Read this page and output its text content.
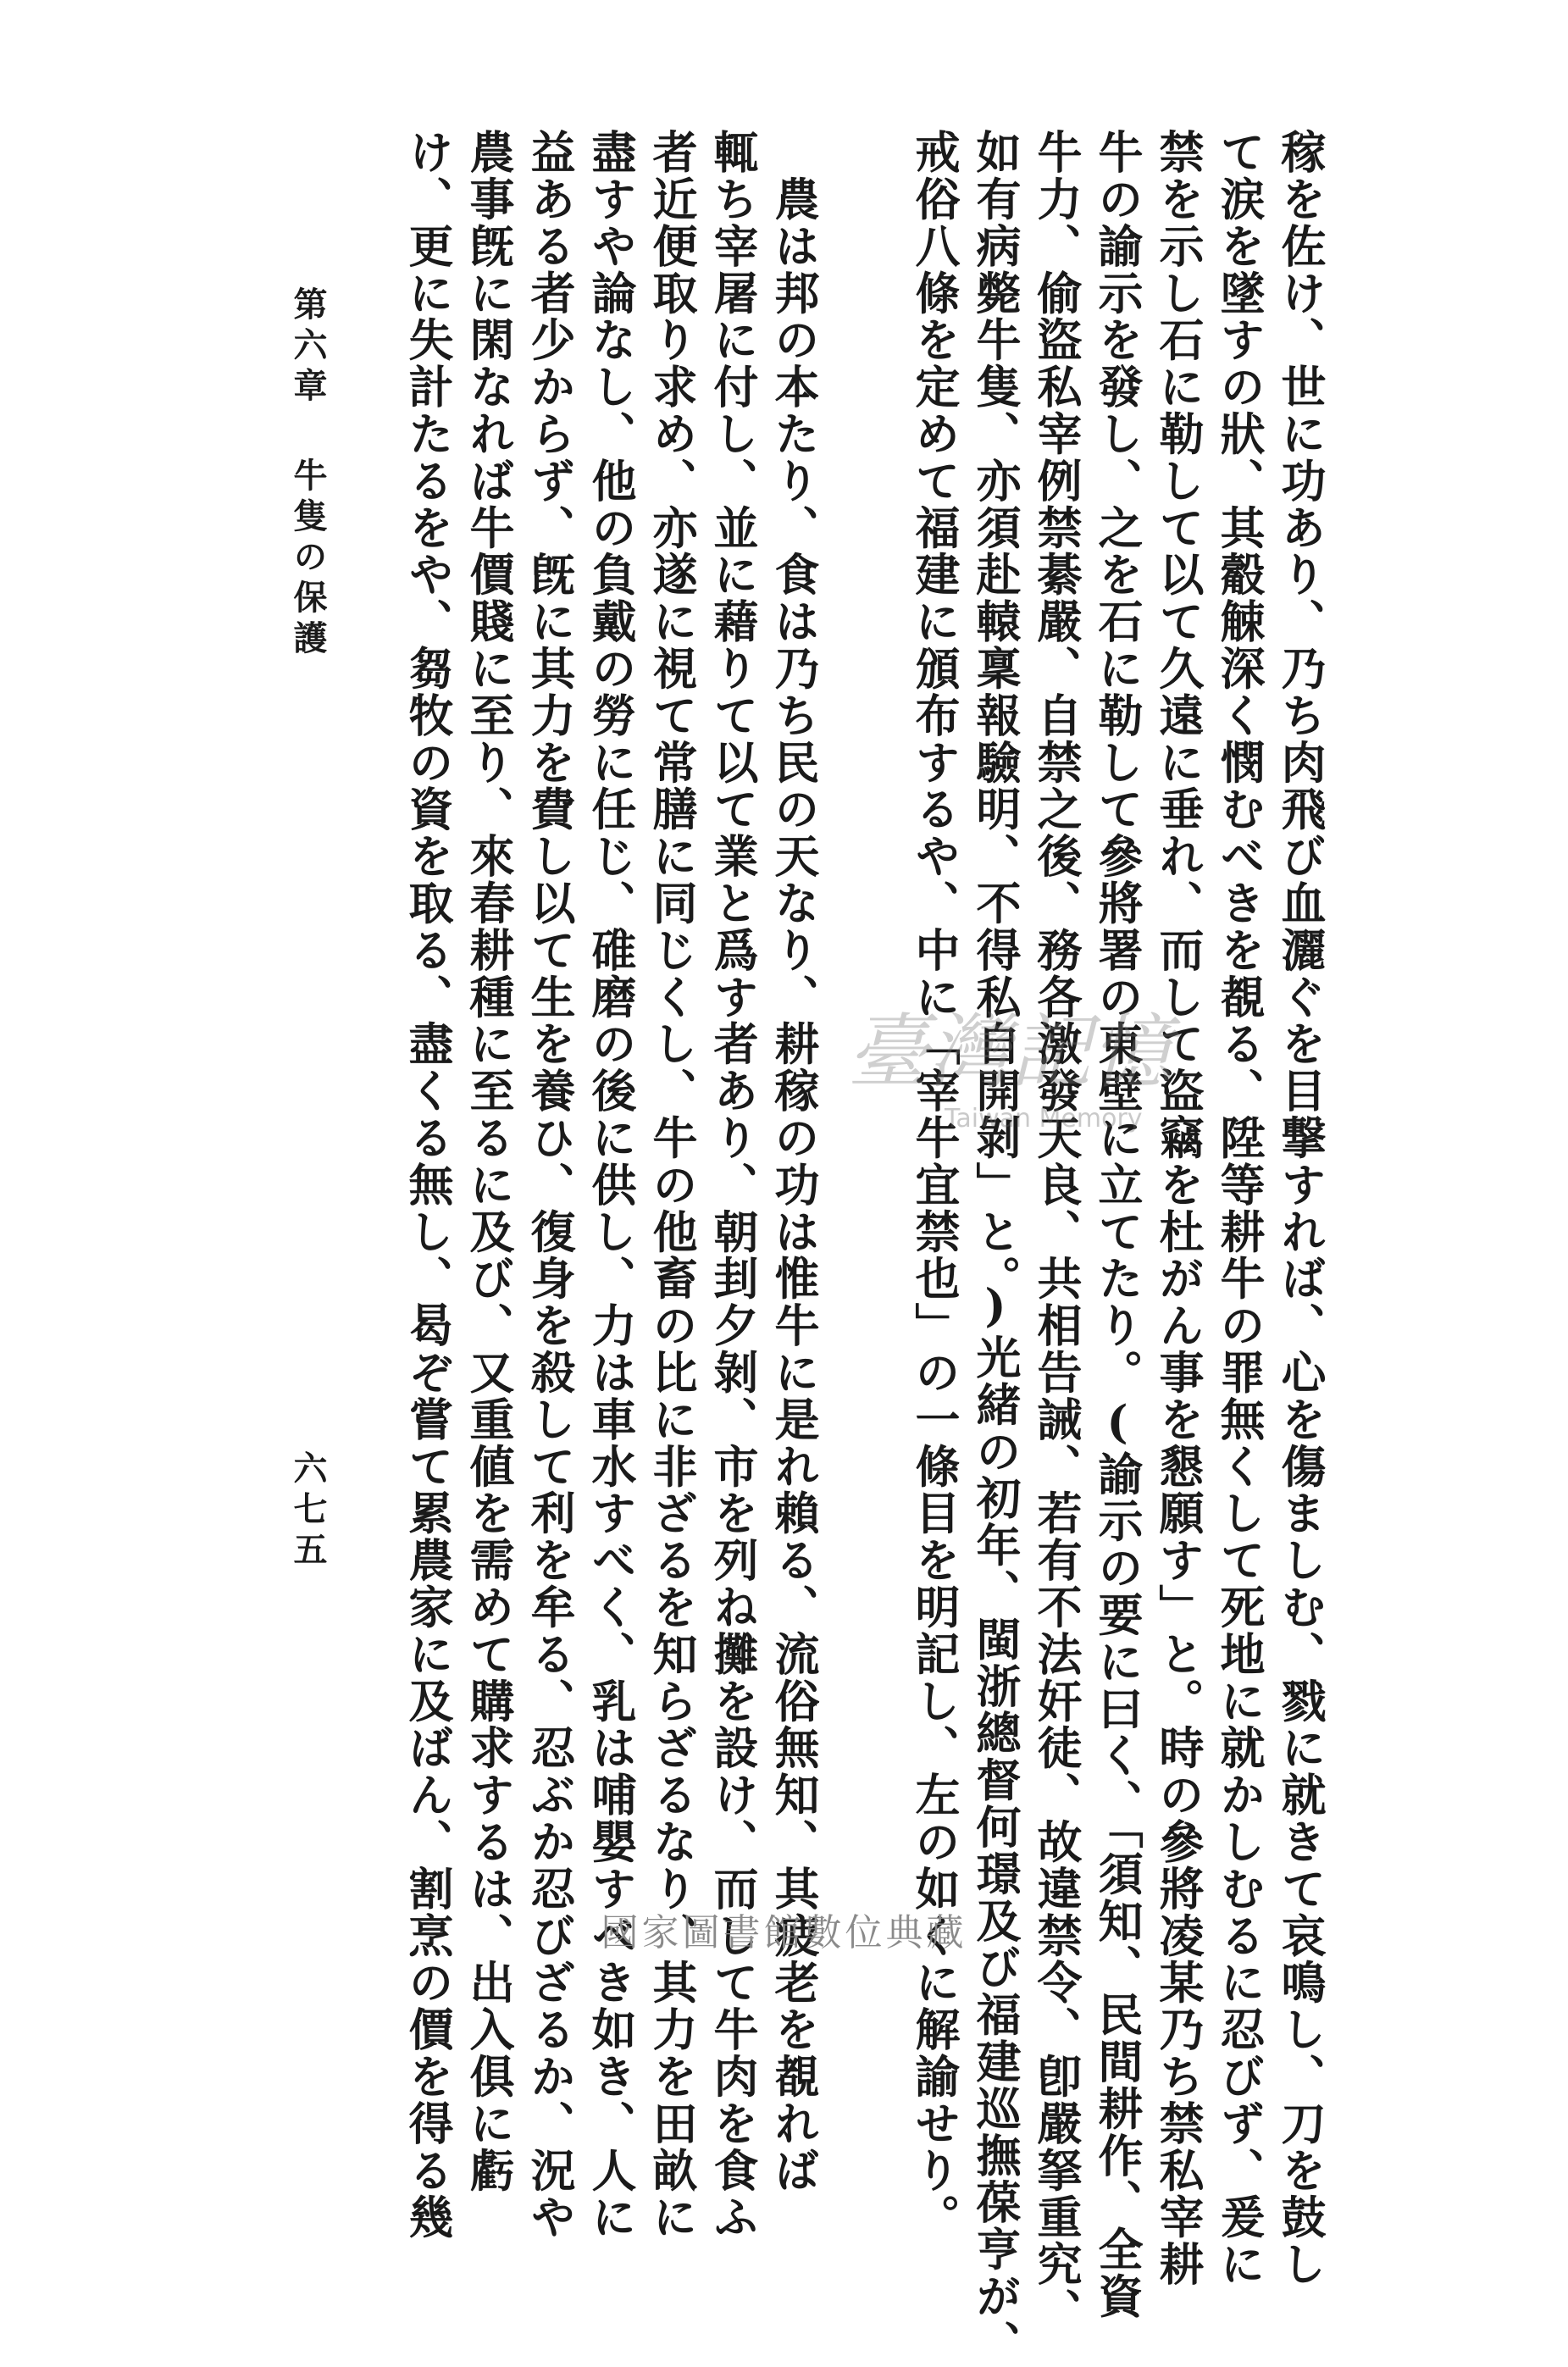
稼を佐け、世に功あり、乃ち肉飛び血灑ぐを目撃すれば、心を傷ましむ、戮に就きて哀鳴し、刀を鼓し
て涙を墜すの狀、其觳觫深く憫むべきを覩る、陞等耕牛の罪無くして死地に就かしむるに忍びず、爰に
禁を示し石に勒して以て久遠に垂れ、而して盜竊を杜がん事を懇願す」と。時の參將凌某乃ち禁私宰耕
牛の諭示を發し、之を石に勒して參將署の東壁に立てたり。(諭示の要に曰く、「須知、民間耕作、全資
牛力、偷盜私宰例禁綦嚴、自禁之後、務各激發天良、共相告誡、若有不法奸徒、故違禁令、卽嚴拏重究、
如有病斃牛隻、亦須赴轅稟報驗明、不得私自開剝」と。)光緒の初年、閩浙總督何璟及び福建巡撫葆亨が、
戒俗八條を定めて福建に頒布するや、中に「宰牛宜禁也」の一條目を明記し、左の如くに解諭せり。
　農は邦の本たり、食は乃ち民の天なり、耕稼の功は惟牛に是れ賴る、流俗無知、其疲老を覩れば
輒ち宰屠に付し、並に藉りて以て業と爲す者あり、朝刲夕剝、市を列ね攤を設け、而して牛肉を食ふ
者近便取り求め、亦遂に視て常膳に同じくし、牛の他畜の比に非ざるを知らざるなり、其力を田畝に
盡すや論なし、他の負戴の勞に任じ、碓磨の後に供し、力は車水すべく、乳は哺嬰すべき如き、人に
益ある者少からず、旣に其力を費し以て生を養ひ、復身を殺して利を牟る、忍ぶか忍びざるか、況や
農事旣に閑なれば牛價賤に至り、來春耕種に至るに及び、又重値を需めて購求するは、出入俱に虧
け、更に失計たるをや、芻牧の資を取る、盡くる無し、曷ぞ嘗て累農家に及ばん、割烹の價を得る幾
第六章
牛隻の保護
六七五
臺灣記憶
Taiwan Memory
國家圖書館數位典藏
